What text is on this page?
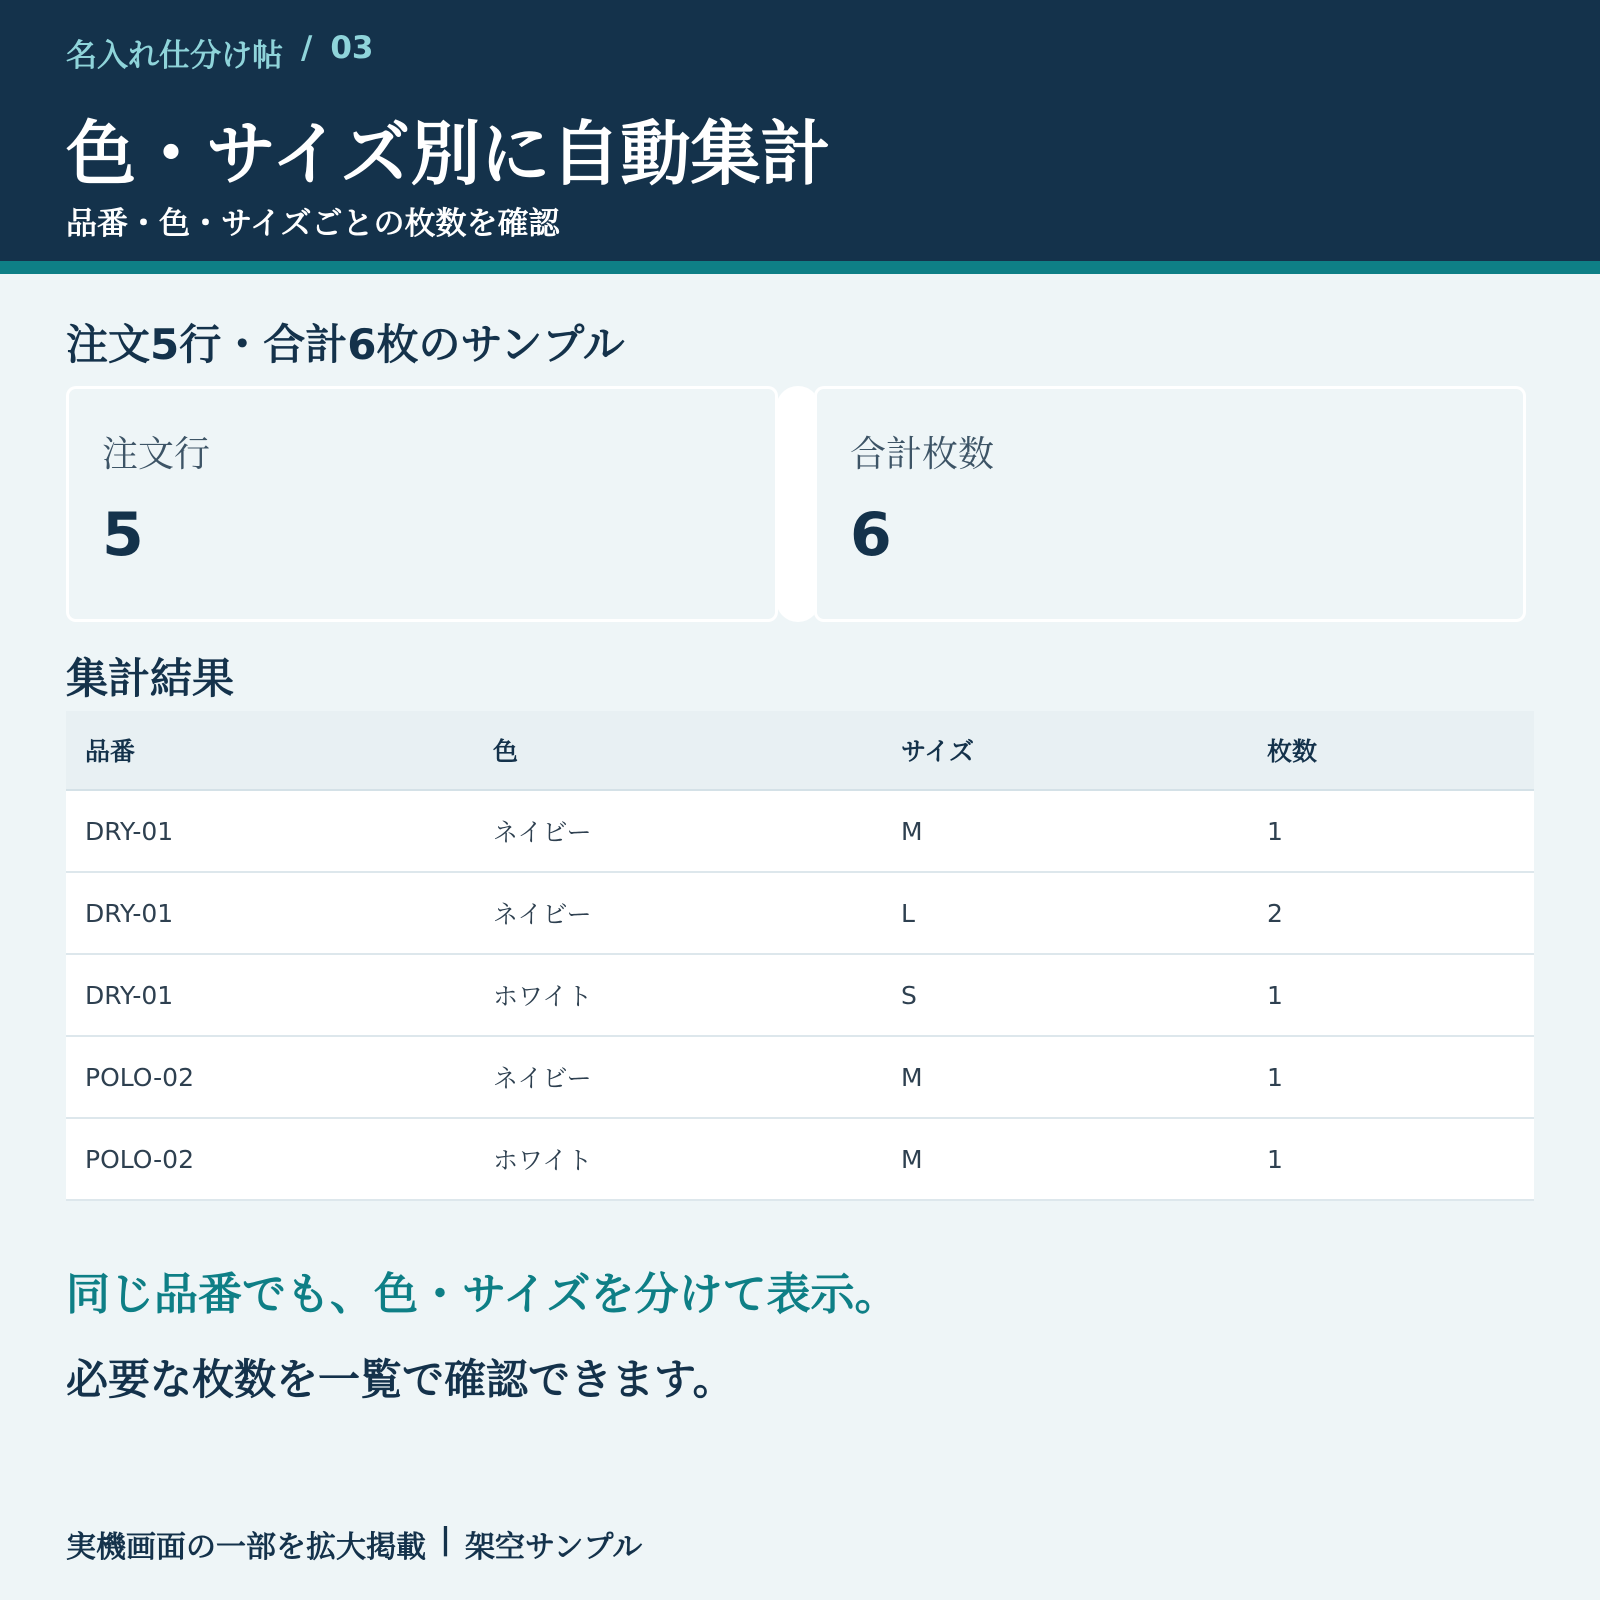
名入れ仕分け帖 / 03
色・サイズ別に自動集計
品番・色・サイズごとの枚数を確認
注文5行・合計6枚のサンプル
注文行
5
合計枚数
6
集計結果
品番	色	サイズ	枚数
DRY-01	ネイビー	M	1
DRY-01	ネイビー	L	2
DRY-01	ホワイト	S	1
POLO-02	ネイビー	M	1
POLO-02	ホワイト	M	1
同じ品番でも、色・サイズを分けて表示。
必要な枚数を一覧で確認できます。
実機画面の一部を拡大掲載 | 架空サンプル
